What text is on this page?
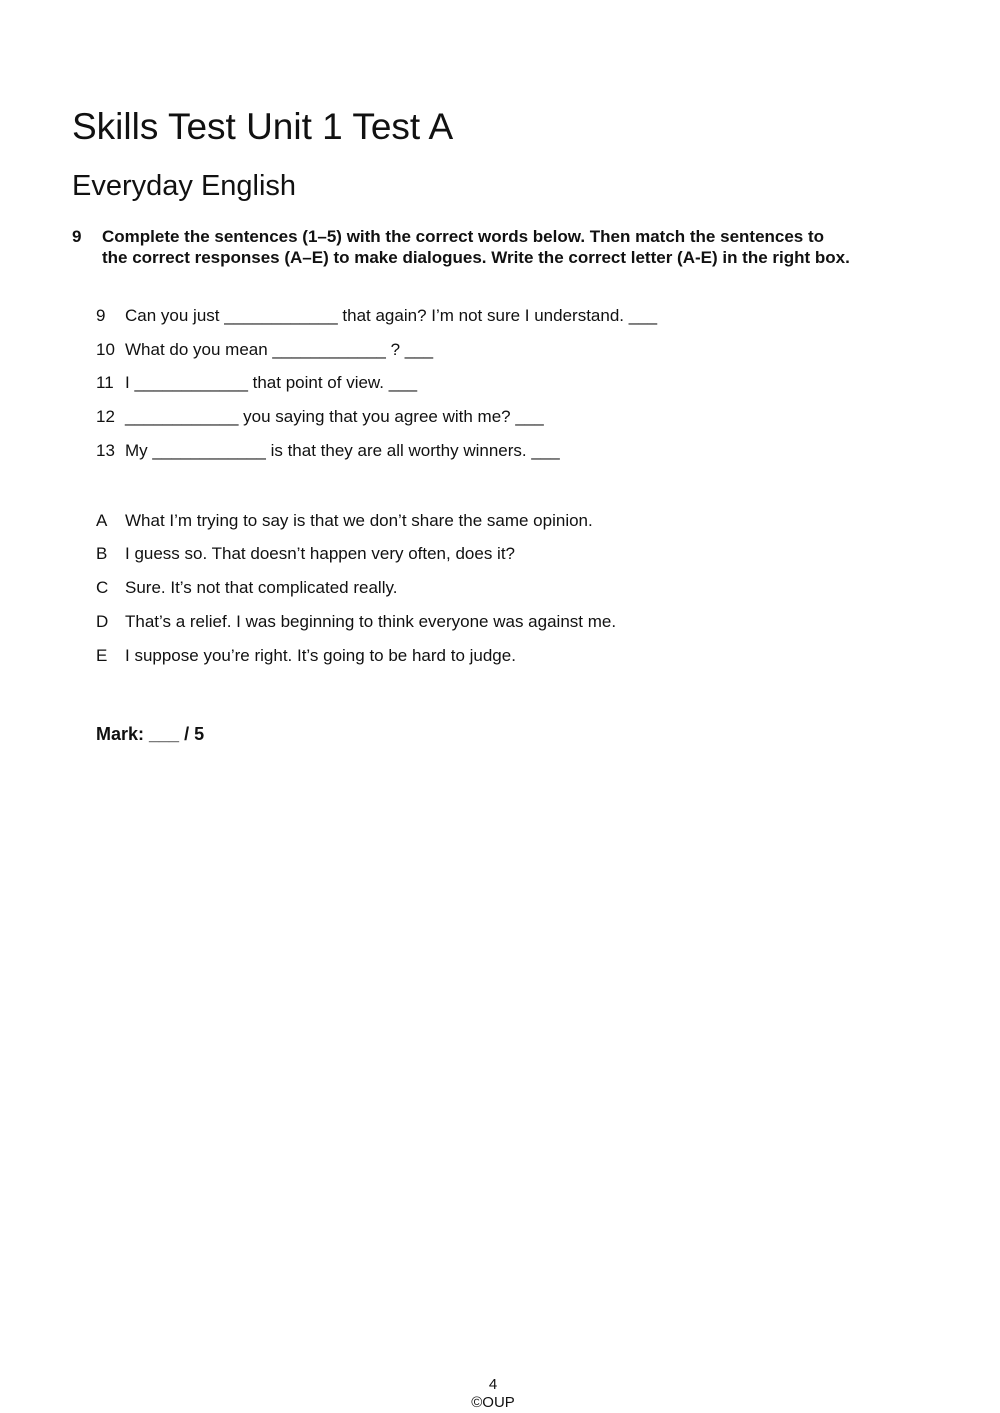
Skills Test Unit 1 Test A
Everyday English
9 Complete the sentences (1–5) with the correct words below. Then match the sentences to
the correct responses (A–E) to make dialogues. Write the correct letter (A-E) in the right box.
9 Can you just ____________ that again? I’m not sure I understand. ___
10 What do you mean ____________ ? ___
11 I ____________ that point of view. ___
12 ____________ you saying that you agree with me? ___
13 My ____________ is that they are all worthy winners. ___
A What I’m trying to say is that we don’t share the same opinion.
B I guess so. That doesn’t happen very often, does it?
C Sure. It’s not that complicated really.
D That’s a relief. I was beginning to think everyone was against me.
E I suppose you’re right. It’s going to be hard to judge.
Mark: ___ / 5
4
©OUP
